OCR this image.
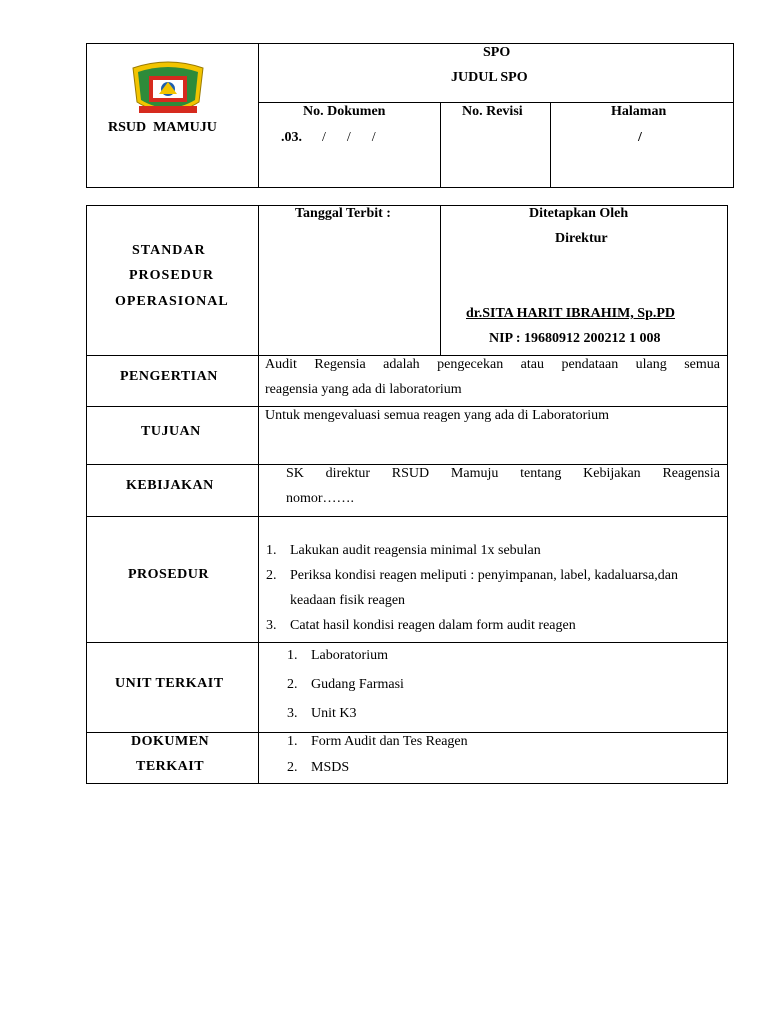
RSUD  MAMUJU
SPO
JUDUL SPO
No. Dokumen
.03. /      /      /
No. Revisi	Halaman
/
STANDAR
PROSEDUR
OPERASIONAL
Tanggal Terbit :	Ditetapkan Oleh
Direktur
dr.SITA HARIT IBRAHIM, Sp.PD
NIP : 19680912 200212 1 008
PENGERTIAN
Audit Regensia adalah pengecekan atau pendataan ulang semua
reagensia yang ada di laboratorium
TUJUAN
Untuk mengevaluasi semua reagen yang ada di Laboratorium
KEBIJAKAN
SK direktur RSUD Mamuju tentang Kebijakan Reagensia
nomor…….
PROSEDUR
1. Lakukan audit reagensia minimal 1x sebulan
2. Periksa kondisi reagen meliputi : penyimpanan, label, kadaluarsa,dan
keadaan fisik reagen
3. Catat hasil kondisi reagen dalam form audit reagen
UNIT TERKAIT
1. Laboratorium
2. Gudang Farmasi
3. Unit K3
DOKUMEN
TERKAIT
1. Form Audit dan Tes Reagen
2. MSDS
